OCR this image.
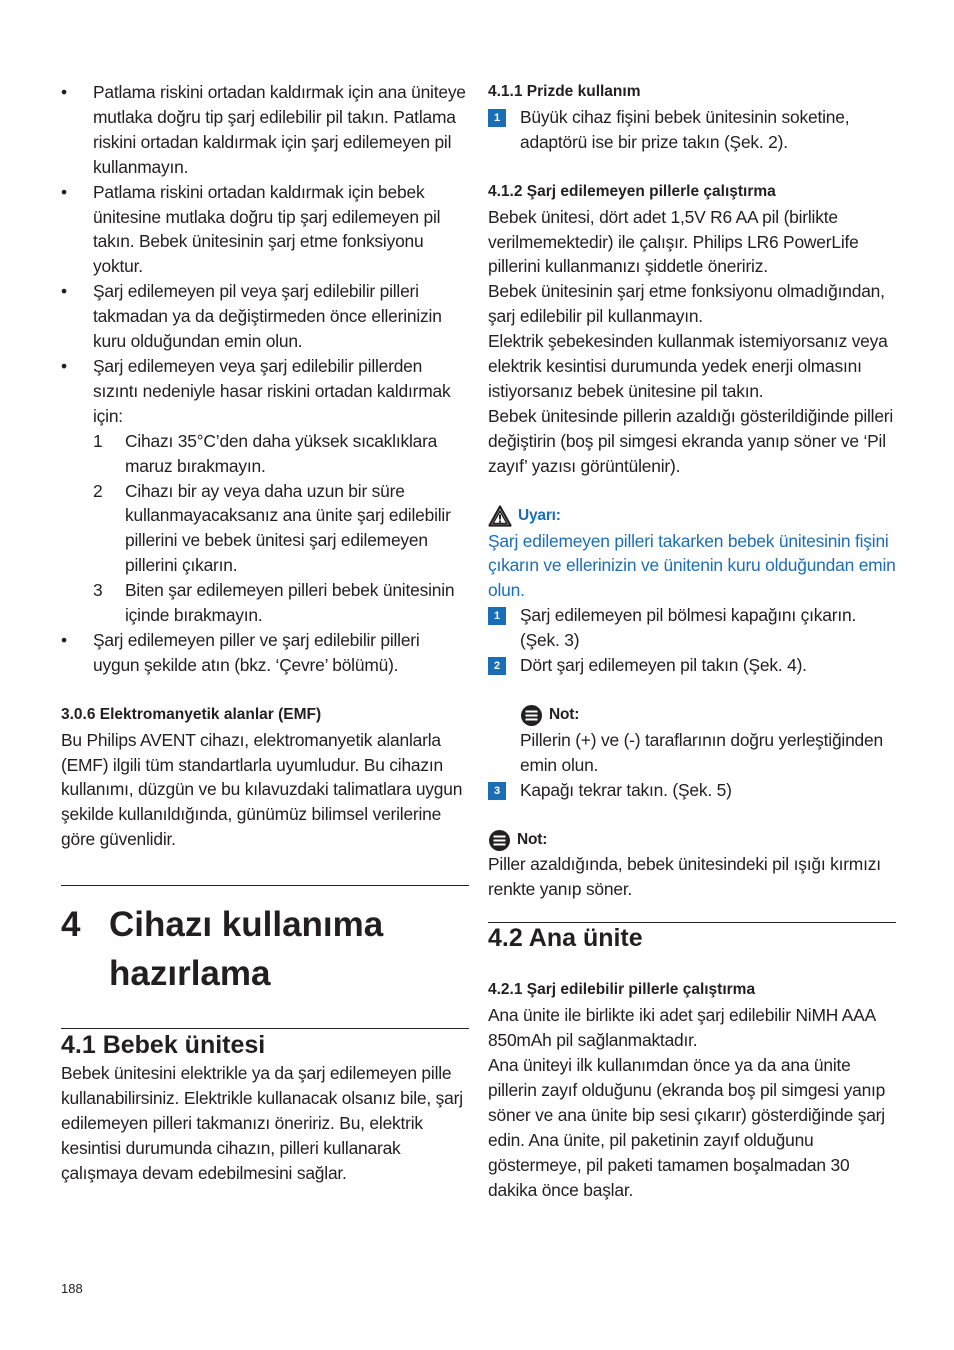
• Patlama riskini ortadan kaldırmak için ana üniteye mutlaka doğru tip şarj edilebilir pil takın. Patlama riskini ortadan kaldırmak için şarj edilemeyen pil kullanmayın.
• Patlama riskini ortadan kaldırmak için bebek ünitesine mutlaka doğru tip şarj edilemeyen pil takın. Bebek ünitesinin şarj etme fonksiyonu yoktur.
• Şarj edilemeyen pil veya şarj edilebilir pilleri takmadan ya da değiştirmeden önce ellerinizin kuru olduğundan emin olun.
• Şarj edilemeyen veya şarj edilebilir pillerden sızıntı nedeniyle hasar riskini ortadan kaldırmak için:
1 Cihazı 35°C’den daha yüksek sıcaklıklara maruz bırakmayın.
2 Cihazı bir ay veya daha uzun bir süre kullanmayacaksanız ana ünite şarj edilebilir pillerini ve bebek ünitesi şarj edilemeyen pillerini çıkarın.
3 Biten şar edilemeyen pilleri bebek ünitesinin içinde bırakmayın.
• Şarj edilemeyen piller ve şarj edilebilir pilleri uygun şekilde atın (bkz. ‘Çevre’ bölümü).
3.0.6 Elektromanyetik alanlar (EMF)

Bu Philips AVENT cihazı, elektromanyetik alanlarla (EMF) ilgili tüm standartlarla uyumludur. Bu cihazın kullanımı, düzgün ve bu kılavuzdaki talimatlara uygun şekilde kullanıldığında, günümüz bilimsel verilerine göre güvenlidir.

4 Cihazı kullanıma hazırlama
4.1 Bebek ünitesi

Bebek ünitesini elektrikle ya da şarj edilemeyen pille kullanabilirsiniz. Elektrikle kullanacak olsanız bile, şarj edilemeyen pilleri takmanızı öneririz. Bu, elektrik kesintisi durumunda cihazın, pilleri kullanarak çalışmaya devam edebilmesini sağlar.

4.1.1 Prizde kullanım
1	Büyük cihaz fişini bebek ünitesinin soketine, adaptörü ise bir prize takın (Şek. 2).
4.1.2 Şarj edilemeyen pillerle çalıştırma

Bebek ünitesi, dört adet 1,5V R6 AA pil (birlikte verilmemektedir) ile çalışır. Philips LR6 PowerLife pillerini kullanmanızı şiddetle öneririz.

Bebek ünitesinin şarj etme fonksiyonu olmadığından, şarj edilebilir pil kullanmayın.

Elektrik şebekesinden kullanmak istemiyorsanız veya elektrik kesintisi durumunda yedek enerji olmasını istiyorsanız bebek ünitesine pil takın.

Bebek ünitesinde pillerin azaldığı gösterildiğinde pilleri değiştirin (boş pil simgesi ekranda yanıp söner ve ‘Pil zayıf’ yazısı görüntülenir).

Uyarı:

Şarj edilemeyen pilleri takarken bebek ünitesinin fişini çıkarın ve ellerinizin ve ünitenin kuru olduğundan emin olun.

1	Şarj edilemeyen pil bölmesi kapağını çıkarın. (Şek. 3)
2	Dört şarj edilemeyen pil takın (Şek. 4).
Not:

Pillerin (+) ve (-) taraflarının doğru yerleştiğinden emin olun.

3	Kapağı tekrar takın. (Şek. 5)
Not:

Piller azaldığında, bebek ünitesindeki pil ışığı kırmızı renkte yanıp söner.

4.2 Ana ünite
4.2.1 Şarj edilebilir pillerle çalıştırma

Ana ünite ile birlikte iki adet şarj edilebilir NiMH AAA 850mAh pil sağlanmaktadır.

Ana üniteyi ilk kullanımdan önce ya da ana ünite pillerin zayıf olduğunu (ekranda boş pil simgesi yanıp söner ve ana ünite bip sesi çıkarır) gösterdiğinde şarj edin. Ana ünite, pil paketinin zayıf olduğunu göstermeye, pil paketi tamamen boşalmadan 30 dakika önce başlar.

188
